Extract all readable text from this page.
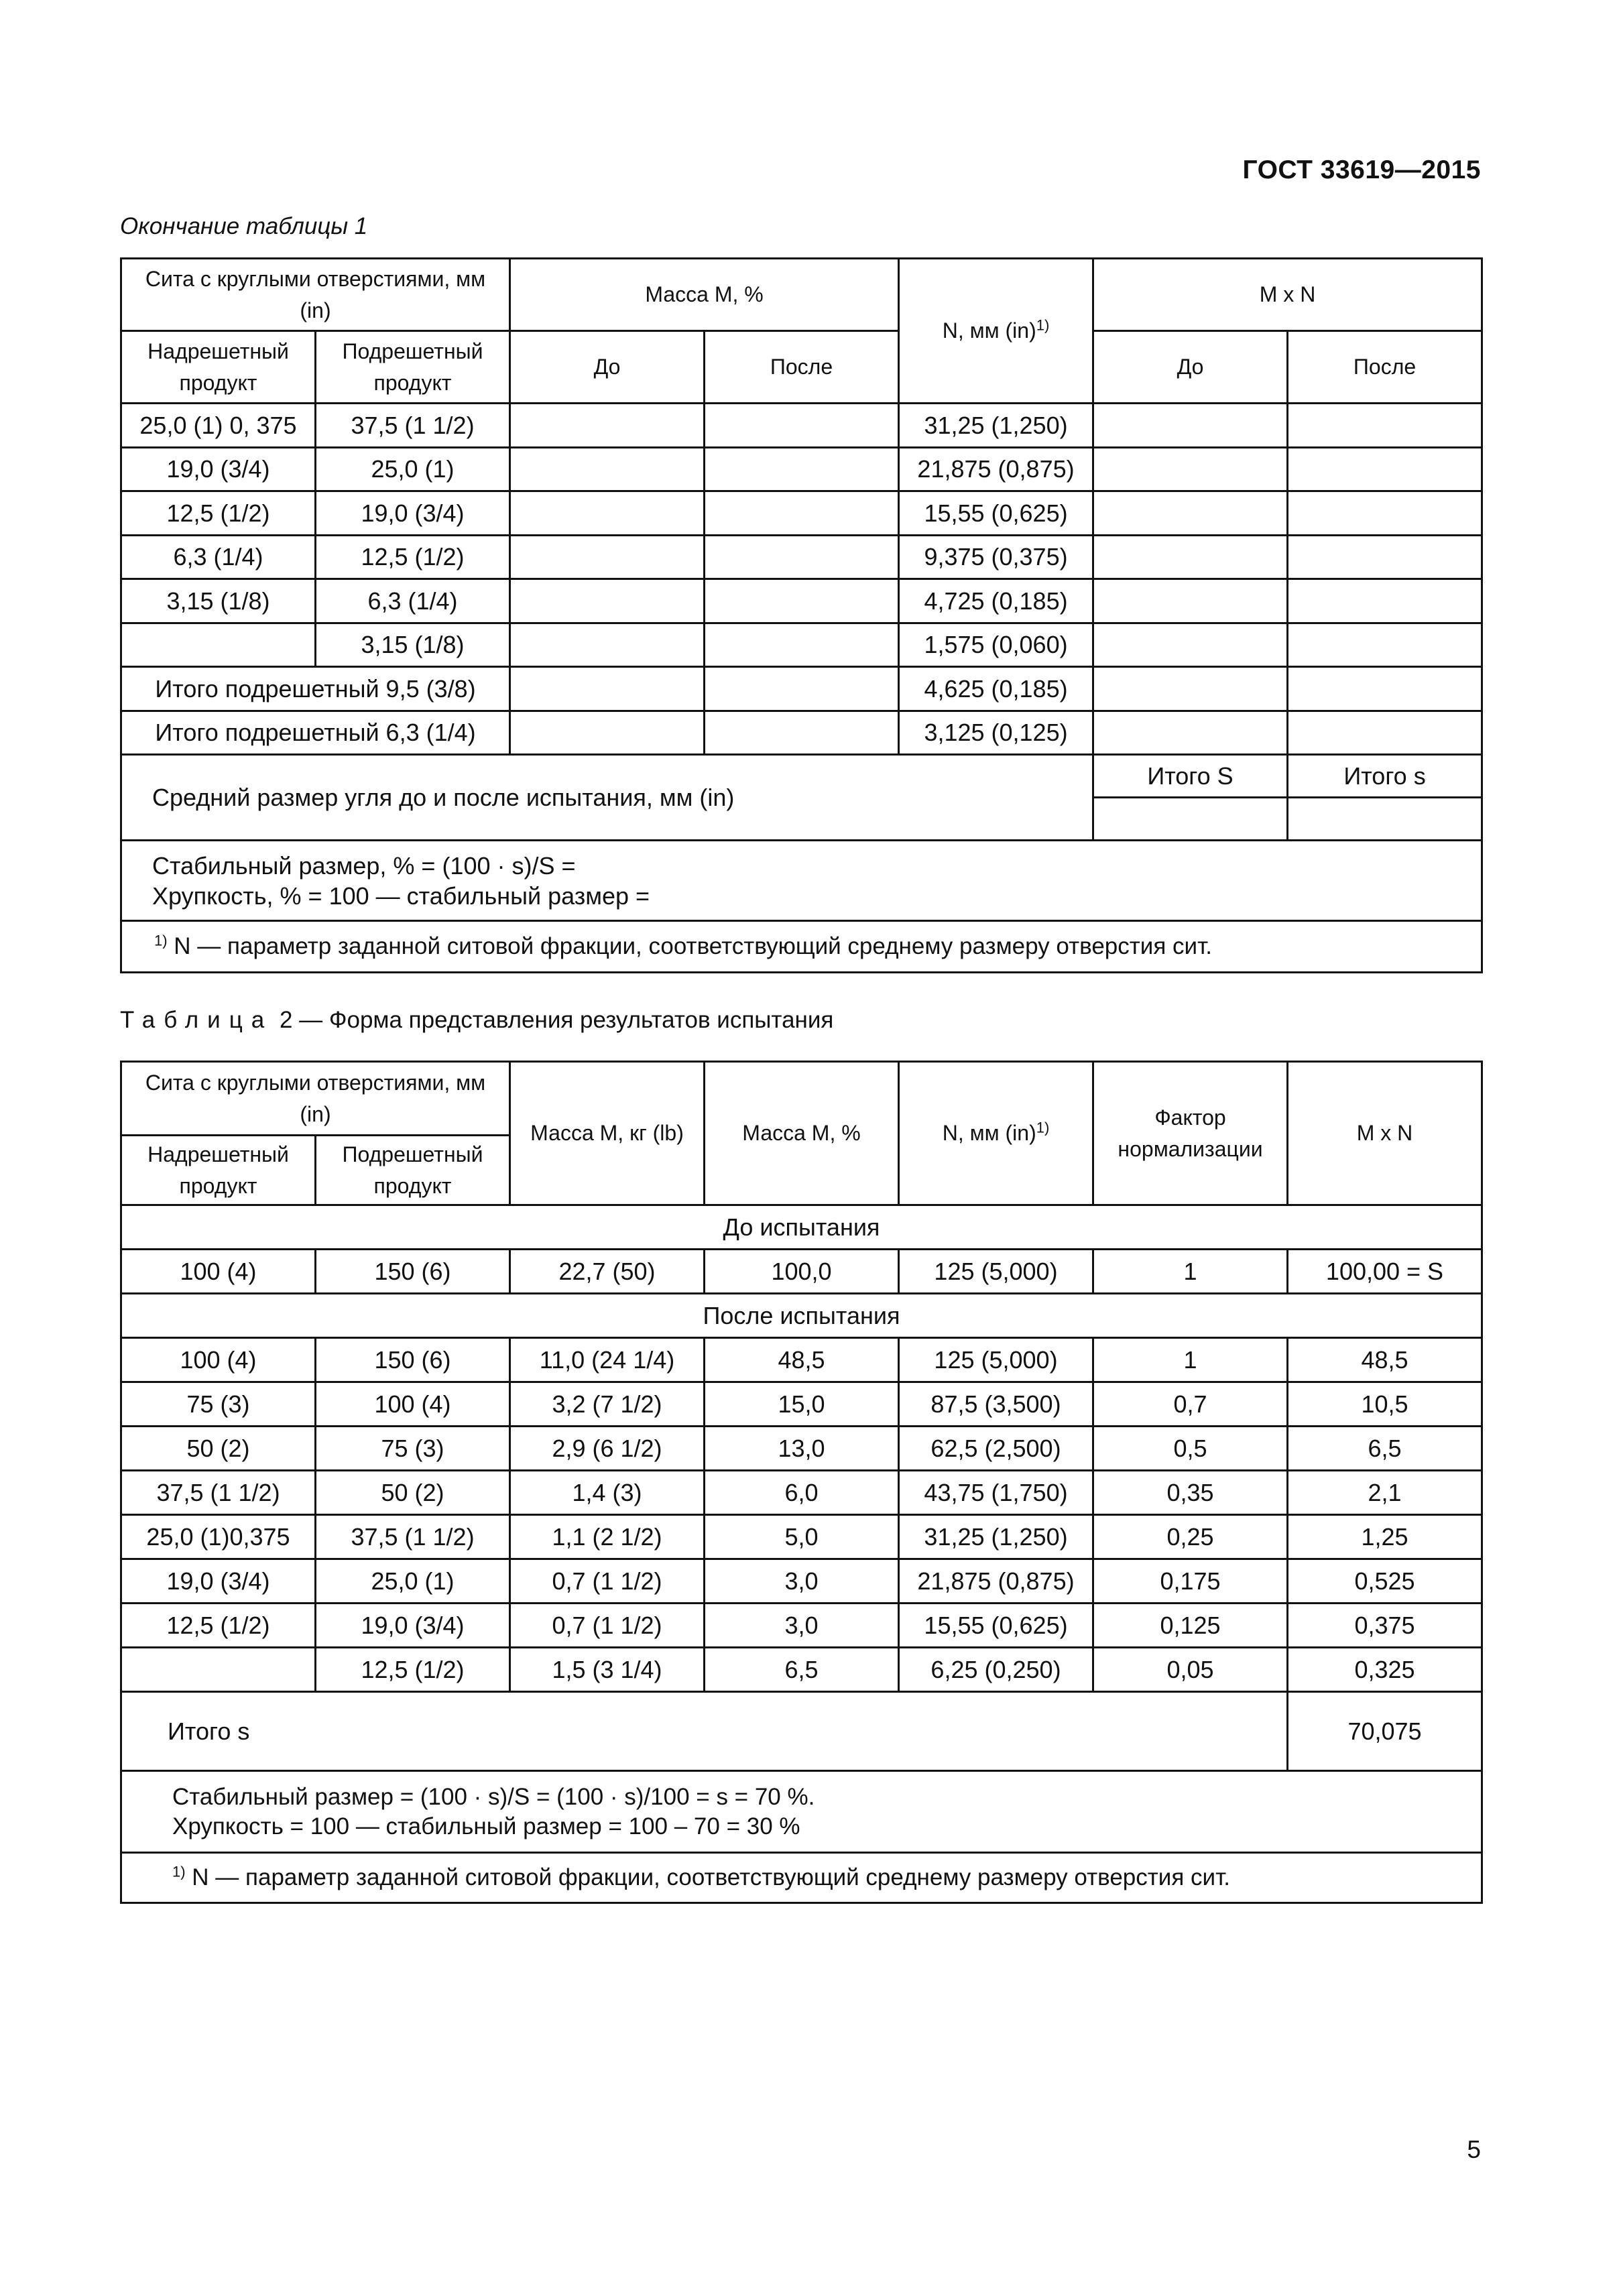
ГОСТ 33619—2015
Окончание таблицы 1
Сита с круглыми отверстиями, мм (in)		Масса M, %		N, мм (in)$^{1)}$	M x N	
Надрешетный продукт	Подрешетный продукт	До	После		До	После
25,0 (1) 0, 375	37,5 (1 1/2)			31,25 (1,250)		
19,0 (3/4)	25,0 (1)			21,875 (0,875)		
12,5 (1/2)	19,0 (3/4)			15,55 (0,625)		
6,3 (1/4)	12,5 (1/2)			9,375 (0,375)		
3,15 (1/8)	6,3 (1/4)			4,725 (0,185)		
	3,15 (1/8)			1,575 (0,060)		
Итого подрешетный 9,5 (3/8)				4,625 (0,185)		
Итого подрешетный 6,3 (1/4)				3,125 (0,125)		
Средний размер угля до и после испытания, мм (in)					Итого S	Итого s

Стабильный размер, % = (100 · s)/S =
Хрупкость, % = 100 — стабильный размер =						

$^{1)}$ N — параметр заданной ситовой фракции, соответствующий среднему размеру отверстия сит.						
Таблица 2 — Форма представления результатов испытания
Сита с круглыми отверстиями, мм (in)		Масса M, кг (lb)	Масса M, %	N, мм (in)$^{1)}$	Фактор нормализации	M x N
Надрешетный продукт	Подрешетный продукт					
До испытания						
100 (4)	150 (6)	22,7 (50)	100,0	125 (5,000)	1	100,00 = S
После испытания						
100 (4)	150 (6)	11,0 (24 1/4)	48,5	125 (5,000)	1	48,5
75 (3)	100 (4)	3,2 (7 1/2)	15,0	87,5 (3,500)	0,7	10,5
50 (2)	75 (3)	2,9 (6 1/2)	13,0	62,5 (2,500)	0,5	6,5
37,5 (1 1/2)	50 (2)	1,4 (3)	6,0	43,75 (1,750)	0,35	2,1
25,0 (1)0,375	37,5 (1 1/2)	1,1 (2 1/2)	5,0	31,25 (1,250)	0,25	1,25
19,0 (3/4)	25,0 (1)	0,7 (1 1/2)	3,0	21,875 (0,875)	0,175	0,525
12,5 (1/2)	19,0 (3/4)	0,7 (1 1/2)	3,0	15,55 (0,625)	0,125	0,375
	12,5 (1/2)	1,5 (3 1/4)	6,5	6,25 (0,250)	0,05	0,325
Итого s						70,075

Стабильный размер = (100 · s)/S = (100 · s)/100 = s = 70 %.
Хрупкость = 100 — стабильный размер = 100 – 70 = 30 %						

$^{1)}$ N — параметр заданной ситовой фракции, соответствующий среднему размеру отверстия сит.						
5
